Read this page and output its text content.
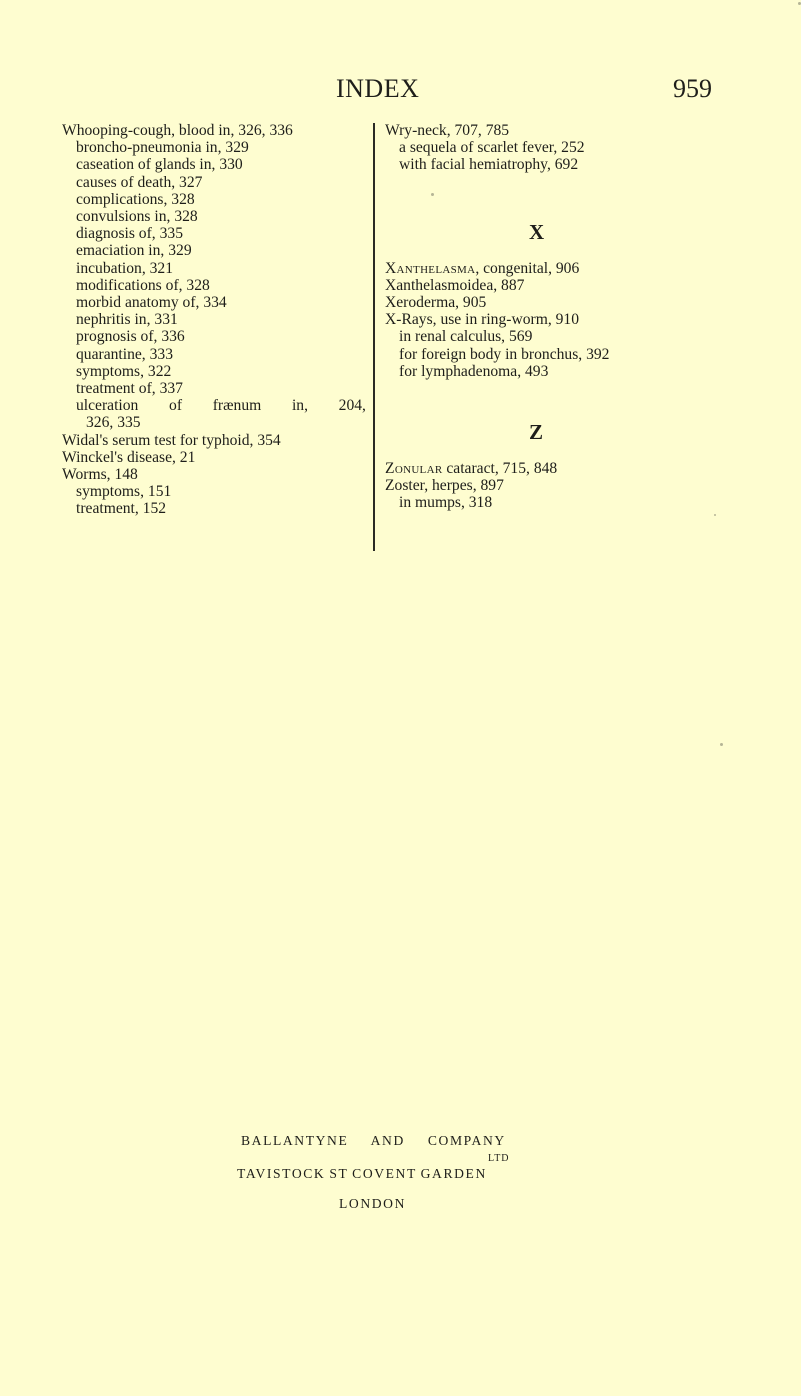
INDEX	959
Whooping-cough, blood in, 326, 336
broncho-pneumonia in, 329
caseation of glands in, 330
causes of death, 327
complications, 328
convulsions in, 328
diagnosis of, 335
emaciation in, 329
incubation, 321
modifications of, 328
morbid anatomy of, 334
nephritis in, 331
prognosis of, 336
quarantine, 333
symptoms, 322
treatment of, 337
ulceration of frænum in, 204,
326, 335
Widal's serum test for typhoid, 354
Winckel's disease, 21
Worms, 148
symptoms, 151
treatment, 152
Wry-neck, 707, 785
a sequela of scarlet fever, 252
with facial hemiatrophy, 692
X
Xanthelasma, congenital, 906
Xanthelasmoidea, 887
Xeroderma, 905
X-Rays, use in ring-worm, 910
in renal calculus, 569
for foreign body in bronchus, 392
for lymphadenoma, 493
Z
Zonular cataract, 715, 848
Zoster, herpes, 897
in mumps, 318
BALLANTYNE AND COMPANY
LTD
TAVISTOCK ST COVENT GARDEN
LONDON
